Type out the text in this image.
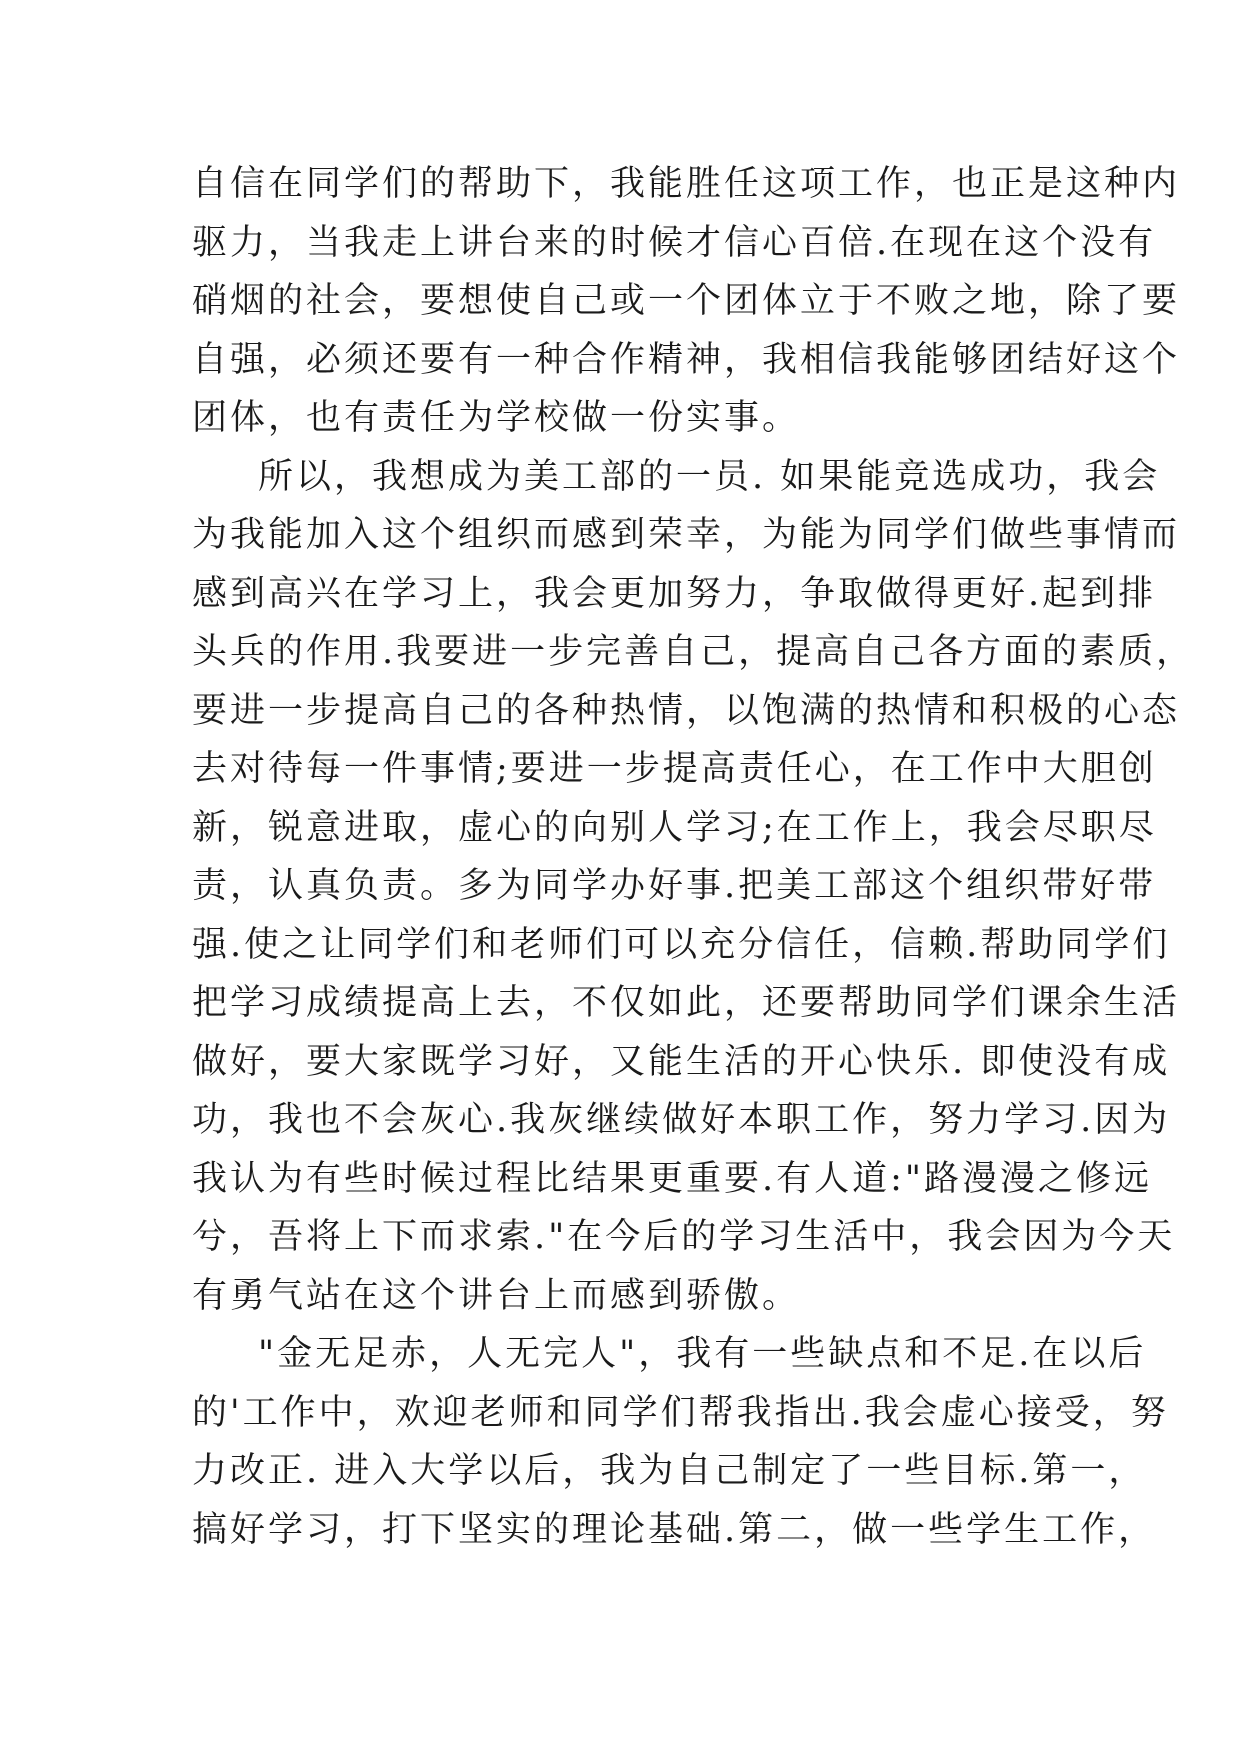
自信在同学们的帮助下，我能胜任这项工作，也正是这种内
驱力，当我走上讲台来的时候才信心百倍.在现在这个没有
硝烟的社会，要想使自己或一个团体立于不败之地，除了要
自强，必须还要有一种合作精神，我相信我能够团结好这个
团体，也有责任为学校做一份实事。
所以，我想成为美工部的一员. 如果能竞选成功，我会
为我能加入这个组织而感到荣幸，为能为同学们做些事情而
感到高兴在学习上，我会更加努力，争取做得更好.起到排
头兵的作用.我要进一步完善自己，提高自己各方面的素质，
要进一步提高自己的各种热情，以饱满的热情和积极的心态
去对待每一件事情;要进一步提高责任心，在工作中大胆创
新，锐意进取，虚心的向别人学习;在工作上，我会尽职尽
责，认真负责。多为同学办好事.把美工部这个组织带好带
强.使之让同学们和老师们可以充分信任，信赖.帮助同学们
把学习成绩提高上去，不仅如此，还要帮助同学们课余生活
做好，要大家既学习好，又能生活的开心快乐. 即使没有成
功，我也不会灰心.我灰继续做好本职工作，努力学习.因为
我认为有些时候过程比结果更重要.有人道:"路漫漫之修远
兮，吾将上下而求索."在今后的学习生活中，我会因为今天
有勇气站在这个讲台上而感到骄傲。
"金无足赤，人无完人"，我有一些缺点和不足.在以后
的'工作中，欢迎老师和同学们帮我指出.我会虚心接受，努
力改正. 进入大学以后，我为自己制定了一些目标.第一，
搞好学习，打下坚实的理论基础.第二，做一些学生工作，
